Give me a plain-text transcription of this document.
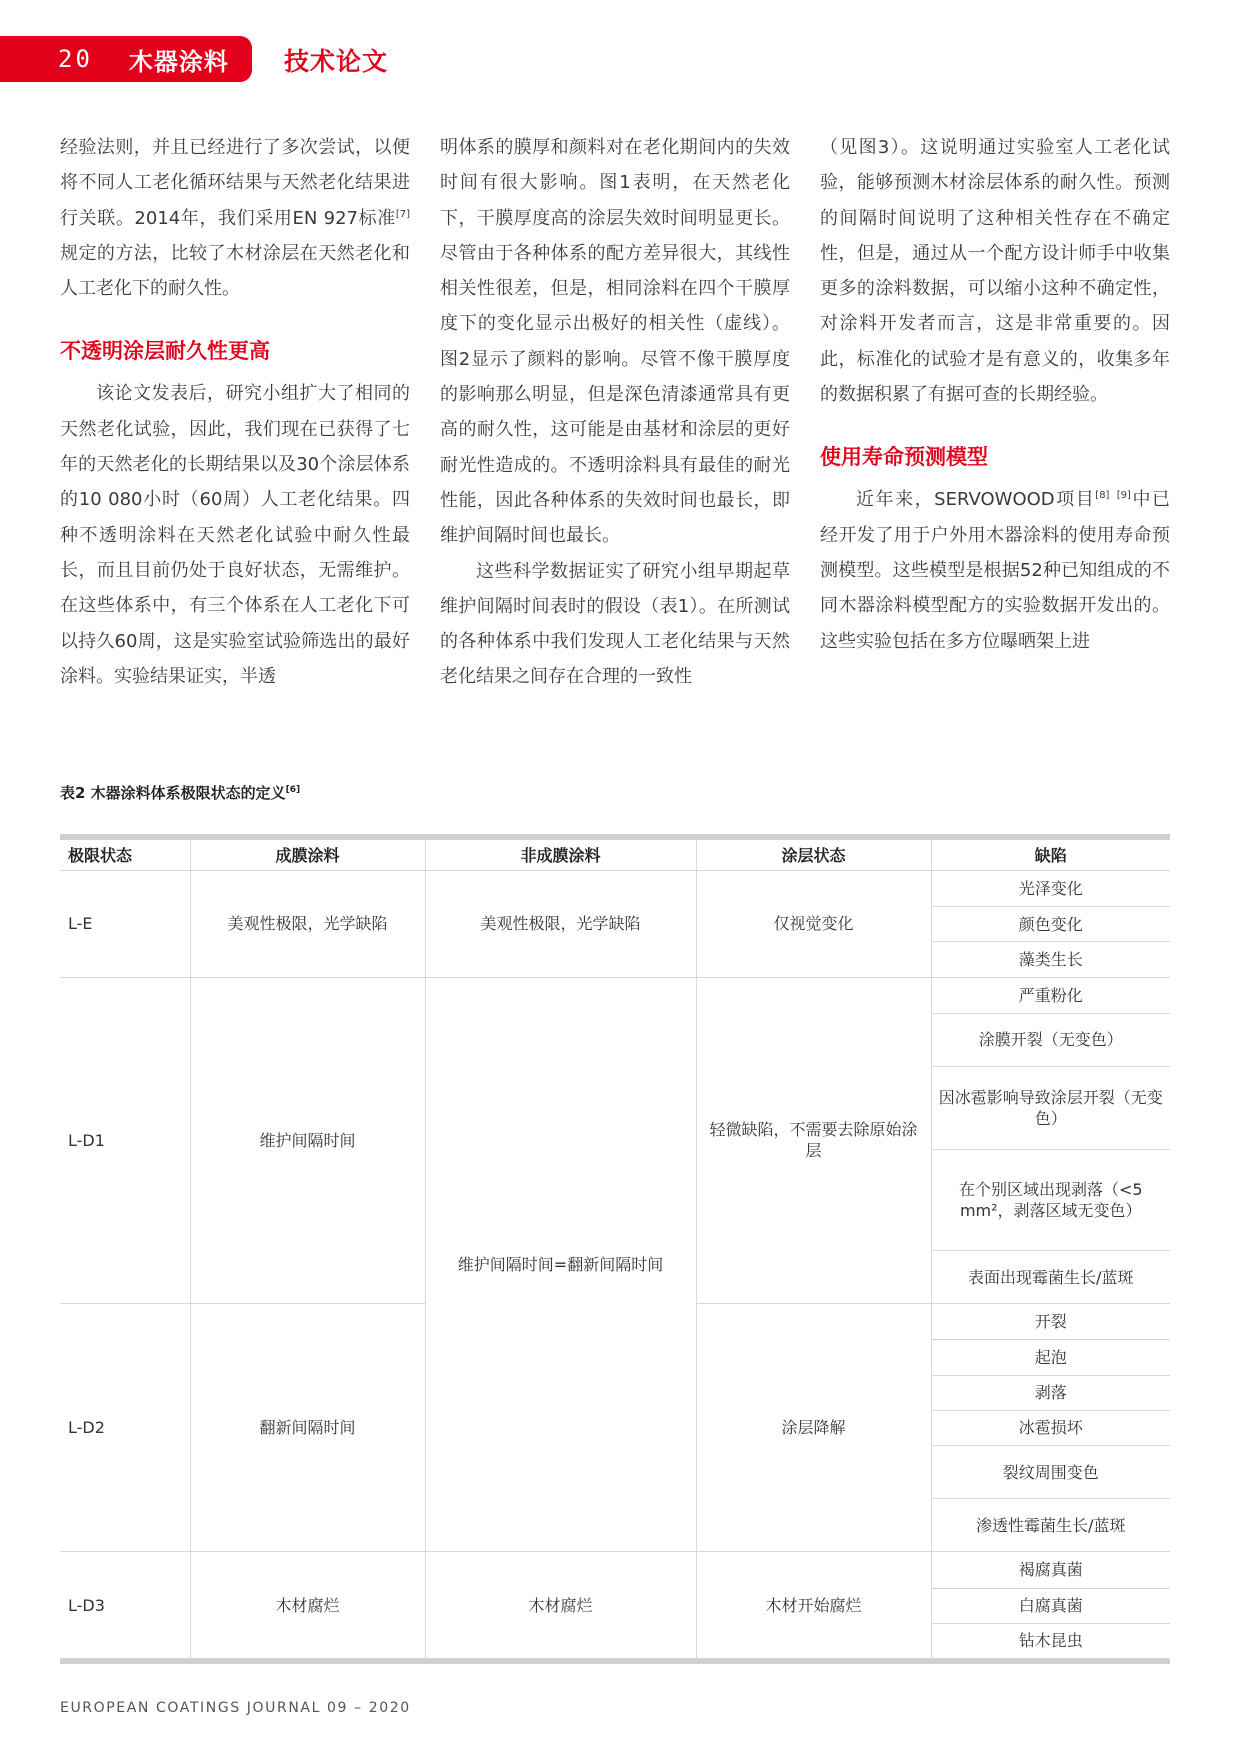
20 木器涂料 技术论文

经验法则，并且已经进行了多次尝试，以便将不同人工老化循环结果与天然老化结果进行关联。2014年，我们采用EN 927标准[7]规定的方法，比较了木材涂层在天然老化和人工老化下的耐久性。

不透明涂层耐久性更高

该论文发表后，研究小组扩大了相同的天然老化试验，因此，我们现在已获得了七年的天然老化的长期结果以及30个涂层体系的10 080小时（60周）人工老化结果。四种不透明涂料在天然老化试验中耐久性最长，而且目前仍处于良好状态，无需维护。在这些体系中，有三个体系在人工老化下可以持久60周，这是实验室试验筛选出的最好涂料。实验结果证实，半透

明体系的膜厚和颜料对在老化期间内的失效时间有很大影响。图1表明，在天然老化下，干膜厚度高的涂层失效时间明显更长。尽管由于各种体系的配方差异很大，其线性相关性很差，但是，相同涂料在四个干膜厚度下的变化显示出极好的相关性（虚线）。图2显示了颜料的影响。尽管不像干膜厚度的影响那么明显，但是深色清漆通常具有更高的耐久性，这可能是由基材和涂层的更好耐光性造成的。不透明涂料具有最佳的耐光性能，因此各种体系的失效时间也最长，即维护间隔时间也最长。

这些科学数据证实了研究小组早期起草维护间隔时间表时的假设（表1）。在所测试的各种体系中我们发现人工老化结果与天然老化结果之间存在合理的一致性

（见图3）。这说明通过实验室人工老化试验，能够预测木材涂层体系的耐久性。预测的间隔时间说明了这种相关性存在不确定性，但是，通过从一个配方设计师手中收集更多的涂料数据，可以缩小这种不确定性，对涂料开发者而言，这是非常重要的。因此，标准化的试验才是有意义的，收集多年的数据积累了有据可查的长期经验。

使用寿命预测模型

近年来，SERVOWOOD项目[8] [9]中已经开发了用于户外用木器涂料的使用寿命预测模型。这些模型是根据52种已知组成的不同木器涂料模型配方的实验数据开发出的。这些实验包括在多方位曝晒架上进

表2 木器涂料体系极限状态的定义[6]
极限状态	成膜涂料	非成膜涂料	涂层状态	缺陷
L-E	美观性极限，光学缺陷	美观性极限，光学缺陷	仅视觉变化	光泽变化
				颜色变化
				藻类生长
L-D1	维护间隔时间	维护间隔时间=翻新间隔时间	轻微缺陷，不需要去除原始涂层	严重粉化
				涂膜开裂（无变色）
				因冰雹影响导致涂层开裂（无变色）
				在个别区域出现剥落（<5 mm²，剥落区域无变色）
				表面出现霉菌生长/蓝斑
L-D2	翻新间隔时间		涂层降解	开裂
				起泡
				剥落
				冰雹损坏
				裂纹周围变色
				渗透性霉菌生长/蓝斑
L-D3	木材腐烂	木材腐烂	木材开始腐烂	褐腐真菌
				白腐真菌
				钻木昆虫
EUROPEAN COATINGS JOURNAL 09 – 2020
